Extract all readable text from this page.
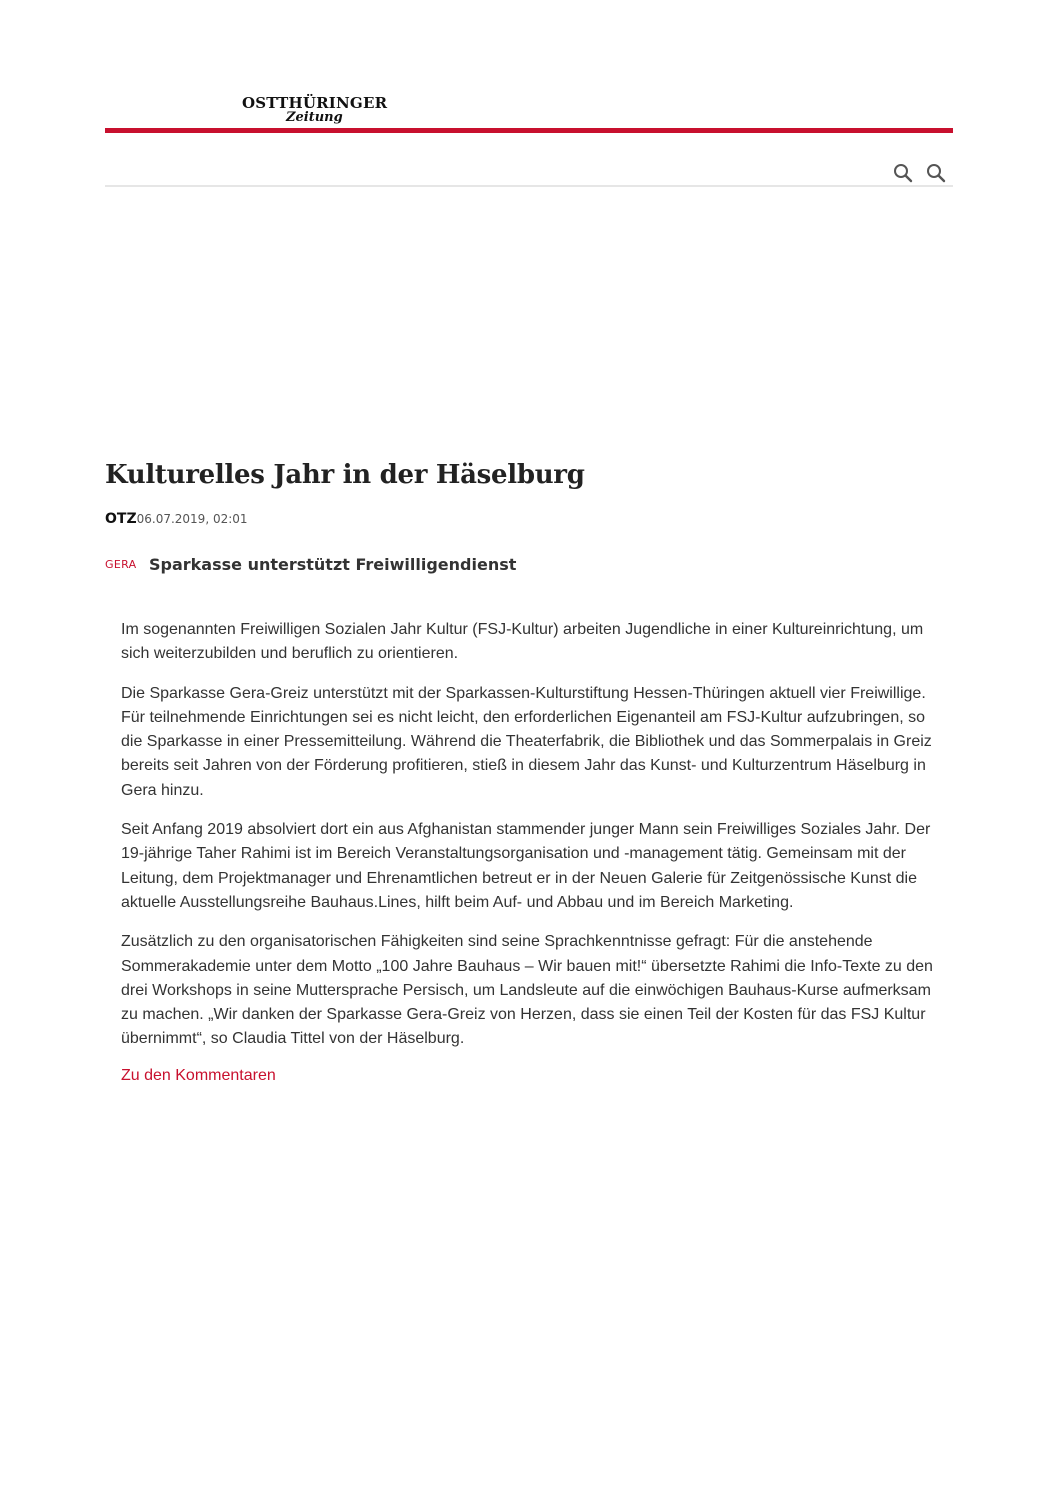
OSTTHÜRINGER
Zeitung
Kulturelles Jahr in der Häselburg
OTZ06.07.2019, 02:01
GERA Sparkasse unterstützt Freiwilligendienst

Im sogenannten Freiwilligen Sozialen Jahr Kultur (FSJ-Kultur) arbeiten Jugendliche in einer Kultureinrichtung, um sich weiterzubilden und beruflich zu orientieren.

Die Sparkasse Gera-Greiz unterstützt mit der Sparkassen-Kulturstiftung Hessen-Thüringen aktuell vier Freiwillige. Für teilnehmende Einrichtungen sei es nicht leicht, den erforderlichen Eigenanteil am FSJ-Kultur aufzubringen, so die Sparkasse in einer Pressemitteilung. Während die Theaterfabrik, die Bibliothek und das Sommerpalais in Greiz bereits seit Jahren von der Förderung profitieren, stieß in diesem Jahr das Kunst- und Kulturzentrum Häselburg in Gera hinzu.

Seit Anfang 2019 absolviert dort ein aus Afghanistan stammender junger Mann sein Freiwilliges Soziales Jahr. Der 19-jährige Taher Rahimi ist im Bereich Veranstaltungsorganisation und -management tätig. Gemeinsam mit der Leitung, dem Projektmanager und Ehrenamtlichen betreut er in der Neuen Galerie für Zeitgenössische Kunst die aktuelle Ausstellungsreihe Bauhaus.Lines, hilft beim Auf- und Abbau und im Bereich Marketing.

Zusätzlich zu den organisatorischen Fähigkeiten sind seine Sprachkenntnisse gefragt: Für die anstehende Sommerakademie unter dem Motto „100 Jahre Bauhaus – Wir bauen mit!“ übersetzte Rahimi die Info-Texte zu den drei Workshops in seine Muttersprache Persisch, um Landsleute auf die einwöchigen Bauhaus-Kurse aufmerksam zu machen. „Wir danken der Sparkasse Gera-Greiz von Herzen, dass sie einen Teil der Kosten für das FSJ Kultur übernimmt“, so Claudia Tittel von der Häselburg.

Zu den Kommentaren
